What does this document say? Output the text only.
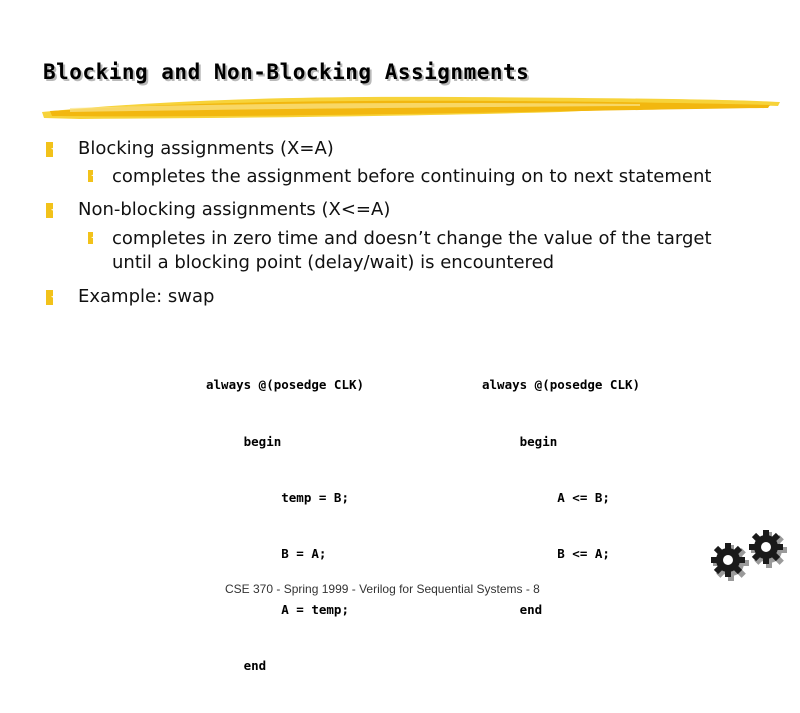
Blocking and Non-Blocking Assignments
Blocking assignments (X=A)
completes the assignment before continuing on to next statement
Non-blocking assignments (X<=A)
completes in zero time and doesn’t change the value of the target
until a blocking point (delay/wait) is encountered
Example: swap

always @(posedge CLK)

begin

temp = B;

B = A;

A = temp;

end

always @(posedge CLK)

begin

A <= B;

B <= A;

end

CSE 370 - Spring 1999 - Verilog for Sequential Systems - 8
